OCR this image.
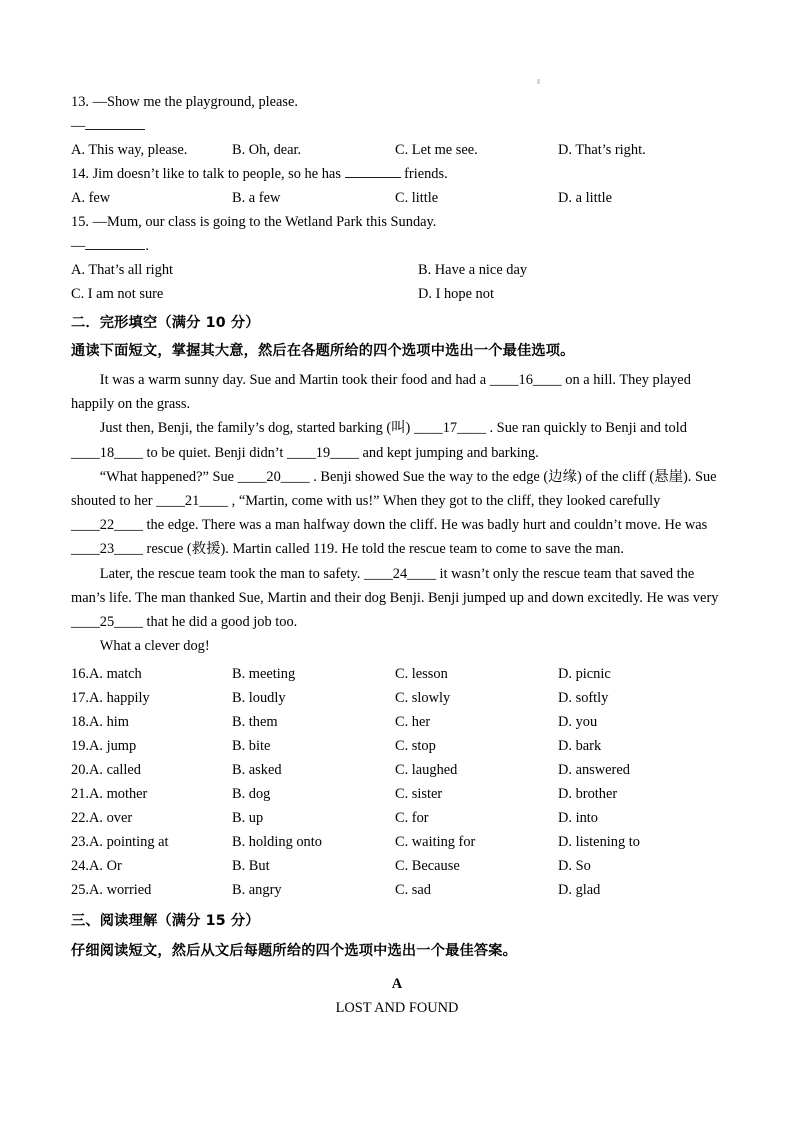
13. —Show me the playground, please.
—
A. This way, please.	B. Oh, dear.	C. Let me see.	D. That’s right.
14. Jim doesn’t like to talk to people, so he has	friends.
A. few	B. a few	C. little	D. a little
15. —Mum, our class is going to the Wetland Park this Sunday.
—	.
A. That’s all right	B. Have a nice day
C. I am not sure	D. I hope not
二．完形填空（满分 10 分）
通读下面短文，掌握其大意，然后在各题所给的四个选项中选出一个最佳选项。
It was a warm sunny day. Sue and Martin took their food and had a ____16____ on a hill. They played happily on the grass.
Just then, Benji, the family’s dog, started barking (叫) ____17____ . Sue ran quickly to Benji and told ____18____ to be quiet. Benji didn’t ____19____ and kept jumping and barking.
“What happened?” Sue ____20____ . Benji showed Sue the way to the edge (边缘) of the cliff (悬崖). Sue shouted to her ____21____ , “Martin, come with us!” When they got to the cliff, they looked carefully ____22____ the edge. There was a man halfway down the cliff. He was badly hurt and couldn’t move. He was ____23____ rescue (救援). Martin called 119. He told the rescue team to come to save the man.
Later, the rescue team took the man to safety. ____24____ it wasn’t only the rescue team that saved the man’s life. The man thanked Sue, Martin and their dog Benji. Benji jumped up and down excitedly. He was very ____25____ that he did a good job too.
What a clever dog!
16.A. match	B. meeting	C. lesson	D. picnic
17.A. happily	B. loudly	C. slowly	D. softly
18.A. him	B. them	C. her	D. you
19.A. jump	B. bite	C. stop	D. bark
20.A. called	B. asked	C. laughed	D. answered
21.A. mother	B. dog	C. sister	D. brother
22.A. over	B. up	C. for	D. into
23.A. pointing at	B. holding onto	C. waiting for	D. listening to
24.A. Or	B. But	C. Because	D. So
25.A. worried	B. angry	C. sad	D. glad
三、阅读理解（满分 15 分）
仔细阅读短文，然后从文后每题所给的四个选项中选出一个最佳答案。
A
LOST AND FOUND
